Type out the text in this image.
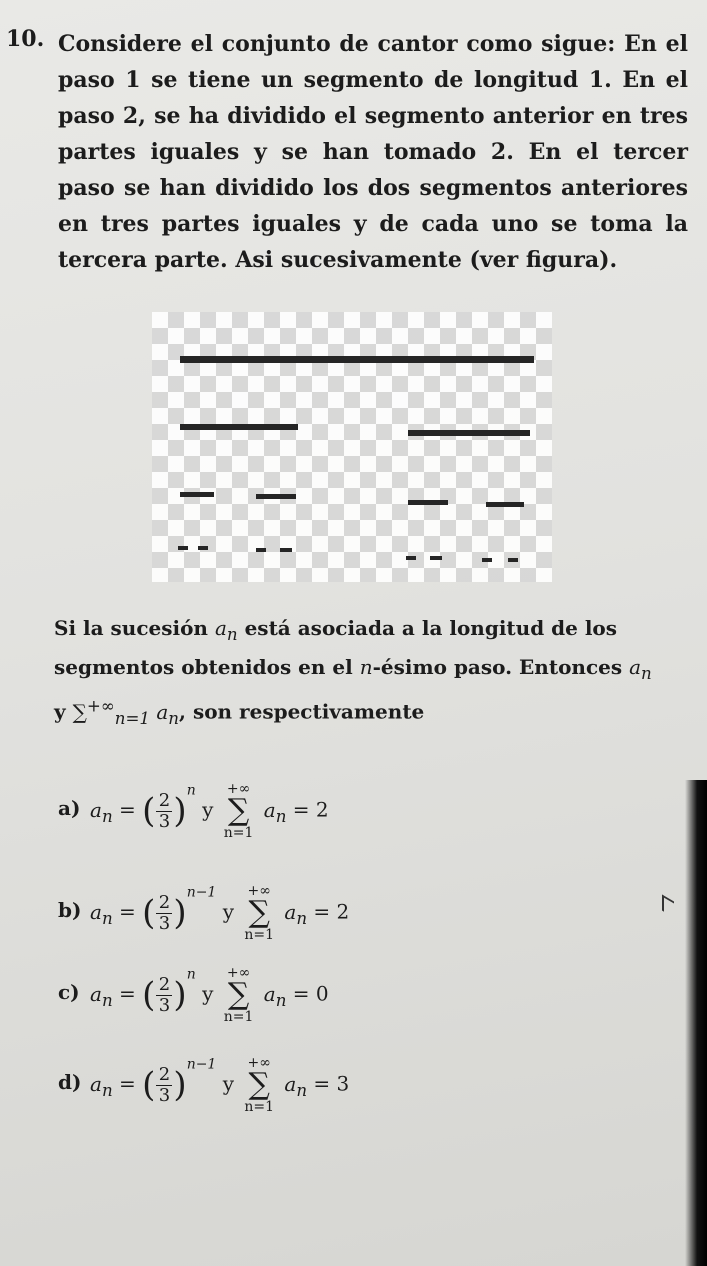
10. Considere el conjunto de cantor como sigue: En el paso 1 se tiene un segmento de longitud 1. En el paso 2, se ha dividido el segmento anterior en tres partes iguales y se han tomado 2. En el tercer paso se han dividido los dos segmentos anteriores en tres partes iguales y de cada uno se toma la tercera parte. Asi sucesivamente (ver figura).
Si la sucesión $a_n$ está asociada a la longitud de los segmentos obtenidos en el n-ésimo paso. Entonces $a_n$ y $\sum^{+\infty}_{n=1}$ $a_n$, son respectivamente
a) $a_n$ = ( $\frac{2}{3} )^n$ y
+∞
∑
n=1
$a_n = 2$
b) $a_n$ = ( $\frac{2}{3} )^{n-1}$ y
+∞
∑
n=1
$a_n = 2$
c) $a_n$ = ( $\frac{2}{3} )^n$ y
+∞
∑
n=1
$a_n = 0$
d) $a_n$ = ( $\frac{2}{3} )^{n-1}$ y
+∞
∑
n=1
$a_n = 3$
